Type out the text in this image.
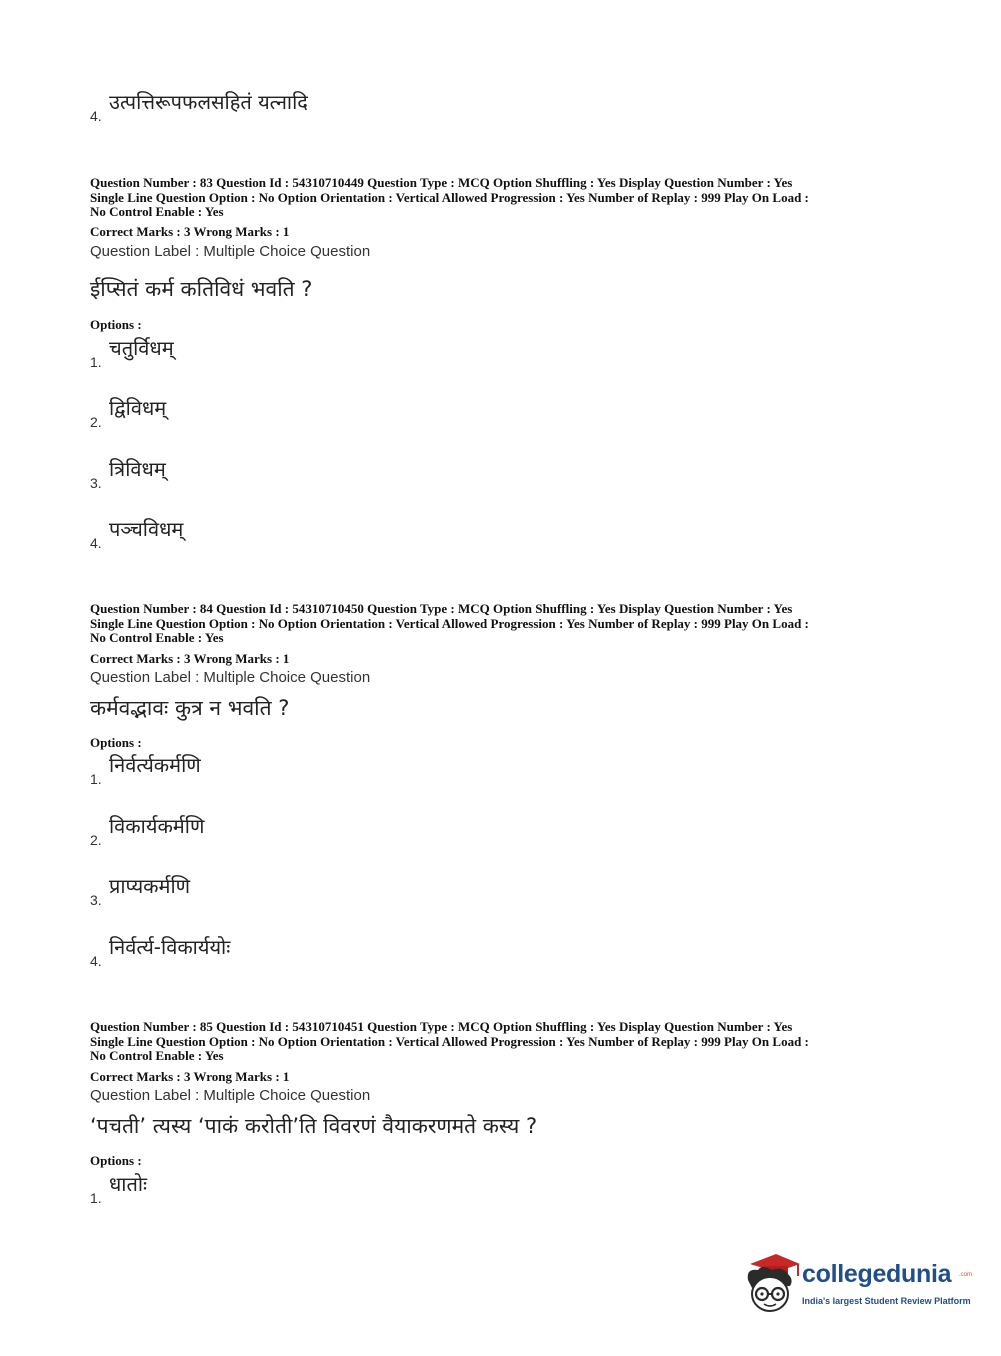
4.
उत्पत्तिरूपफलसहितं यत्नादि
Question Number : 83 Question Id : 54310710449 Question Type : MCQ Option Shuffling : Yes Display Question Number : Yes
Single Line Question Option : No Option Orientation : Vertical Allowed Progression : Yes Number of Replay : 999 Play On Load :
No Control Enable : Yes
Correct Marks : 3 Wrong Marks : 1
Question Label : Multiple Choice Question
ईप्सितं कर्म कतिविधं भवति ?
Options :
1.
चतुर्विधम्
2.
द्विविधम्
3.
त्रिविधम्
4.
पञ्चविधम्
Question Number : 84 Question Id : 54310710450 Question Type : MCQ Option Shuffling : Yes Display Question Number : Yes
Single Line Question Option : No Option Orientation : Vertical Allowed Progression : Yes Number of Replay : 999 Play On Load :
No Control Enable : Yes
Correct Marks : 3 Wrong Marks : 1
Question Label : Multiple Choice Question
कर्मवद्भावः कुत्र न भवति ?
Options :
1.
निर्वर्त्यकर्मणि
2.
विकार्यकर्मणि
3.
प्राप्यकर्मणि
4.
निर्वर्त्य-विकार्ययोः
Question Number : 85 Question Id : 54310710451 Question Type : MCQ Option Shuffling : Yes Display Question Number : Yes
Single Line Question Option : No Option Orientation : Vertical Allowed Progression : Yes Number of Replay : 999 Play On Load :
No Control Enable : Yes
Correct Marks : 3 Wrong Marks : 1
Question Label : Multiple Choice Question
‘पचती’ त्यस्य ‘पाकं करोती’ति विवरणं वैयाकरणमते कस्य ?
Options :
1.
धातोः
collegedunia .com
India's largest Student Review Platform
